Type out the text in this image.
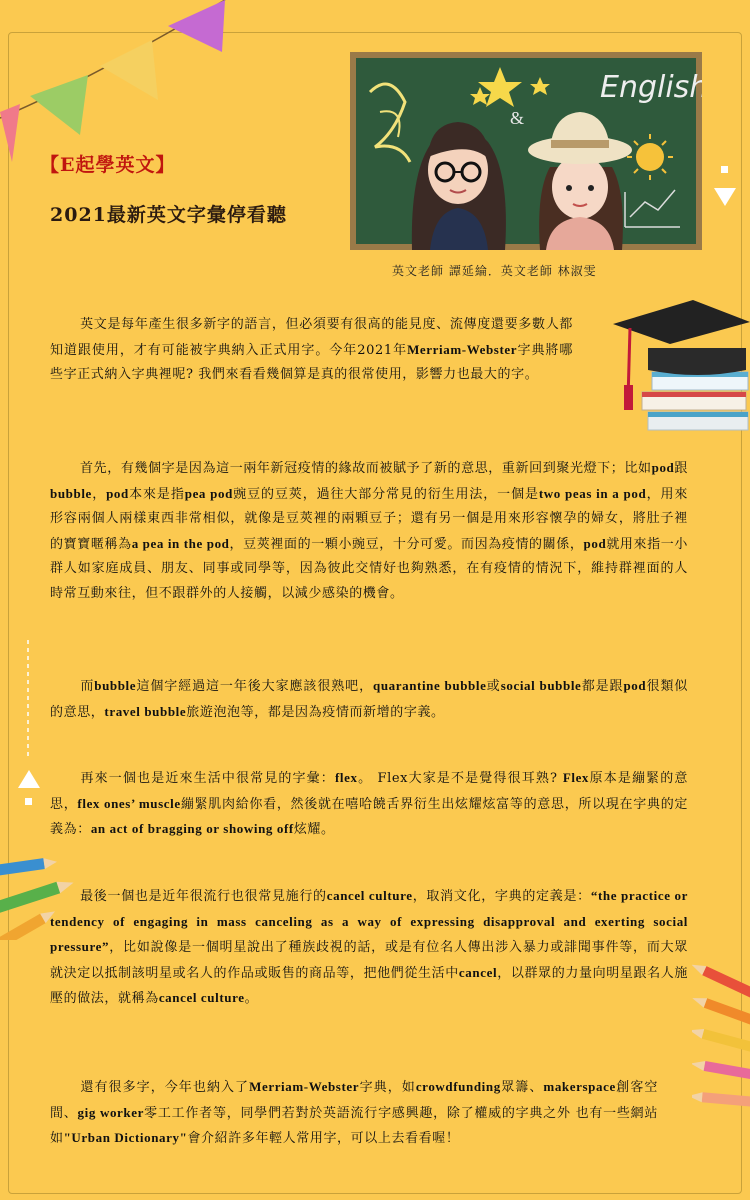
【E起學英文】
2021最新英文字彙停看聽
&
English
英文老師 譚延綸．英文老師 林淑雯
英文是每年產生很多新字的語言，但必須要有很高的能見度、流傳度還要多數人都知道跟使用，才有可能被字典納入正式用字。今年2021年Merriam-Webster字典將哪些字正式納入字典裡呢? 我們來看看幾個算是真的很常使用，影響力也最大的字。
首先，有幾個字是因為這一兩年新冠疫情的緣故而被賦予了新的意思，重新回到聚光燈下；比如pod跟bubble，pod本來是指pea pod豌豆的豆莢，過往大部分常見的衍生用法，一個是two peas in a pod，用來形容兩個人兩樣東西非常相似，就像是豆莢裡的兩顆豆子；還有另一個是用來形容懷孕的婦女，將肚子裡的寶寶暱稱為a pea in the pod，豆莢裡面的一顆小豌豆，十分可愛。而因為疫情的關係，pod就用來指一小群人如家庭成員、朋友、同事或同學等，因為彼此交情好也夠熟悉，在有疫情的情況下，維持群裡面的人時常互動來往，但不跟群外的人接觸，以減少感染的機會。
而bubble這個字經過這一年後大家應該很熟吧，quarantine bubble或social bubble都是跟pod很類似的意思，travel bubble旅遊泡泡等，都是因為疫情而新增的字義。
再來一個也是近來生活中很常見的字彙：flex。 Flex大家是不是覺得很耳熟? Flex原本是繃緊的意思，flex ones’ muscle繃緊肌肉給你看，然後就在嘻哈饒舌界衍生出炫耀炫富等的意思，所以現在字典的定義為：an act of bragging or showing off炫耀。
最後一個也是近年很流行也很常見施行的cancel culture，取消文化，字典的定義是：“the practice or tendency of engaging in mass canceling as a way of expressing disapproval and exerting social pressure”，比如說像是一個明星說出了種族歧視的話，或是有位名人傳出涉入暴力或誹聞事件等，而大眾就決定以抵制該明星或名人的作品或販售的商品等，把他們從生活中cancel，以群眾的力量向明星跟名人施壓的做法，就稱為cancel culture。
還有很多字，今年也納入了Merriam-Webster字典，如crowdfunding眾籌、makerspace創客空間、gig worker零工工作者等，同學們若對於英語流行字感興趣，除了權威的字典之外 也有一些網站如"Urban Dictionary"會介紹許多年輕人常用字，可以上去看看喔！
